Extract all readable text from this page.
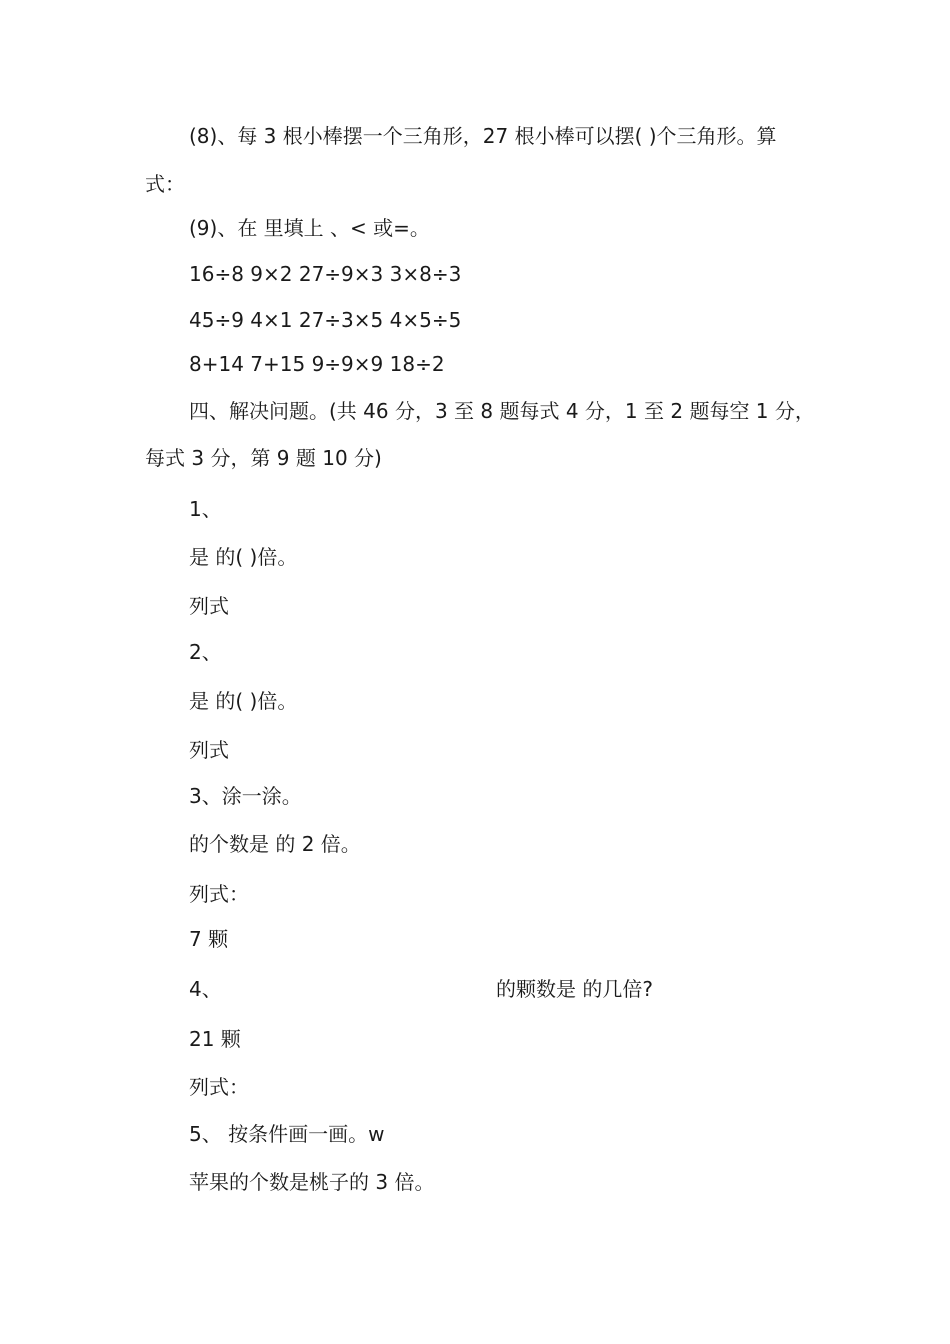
(8)、每 3 根小棒摆一个三角形，27 根小棒可以摆( )个三角形。算

式：

(9)、在 里填上 、< 或=。

16÷8 9×2 27÷9×3 3×8÷3

45÷9 4×1 27÷3×5 4×5÷5

8+14 7+15 9÷9×9 18÷2

四、解决问题。(共 46 分，3 至 8 题每式 4 分，1 至 2 题每空 1 分，

每式 3 分，第 9 题 10 分)

1、

是 的( )倍。

列式

2、

是 的( )倍。

列式

3、涂一涂。

的个数是 的 2 倍。

列式：

7 颗

4、	的颗数是 的几倍?

21 颗

列式：

5、 按条件画一画。w

苹果的个数是桃子的 3 倍。
